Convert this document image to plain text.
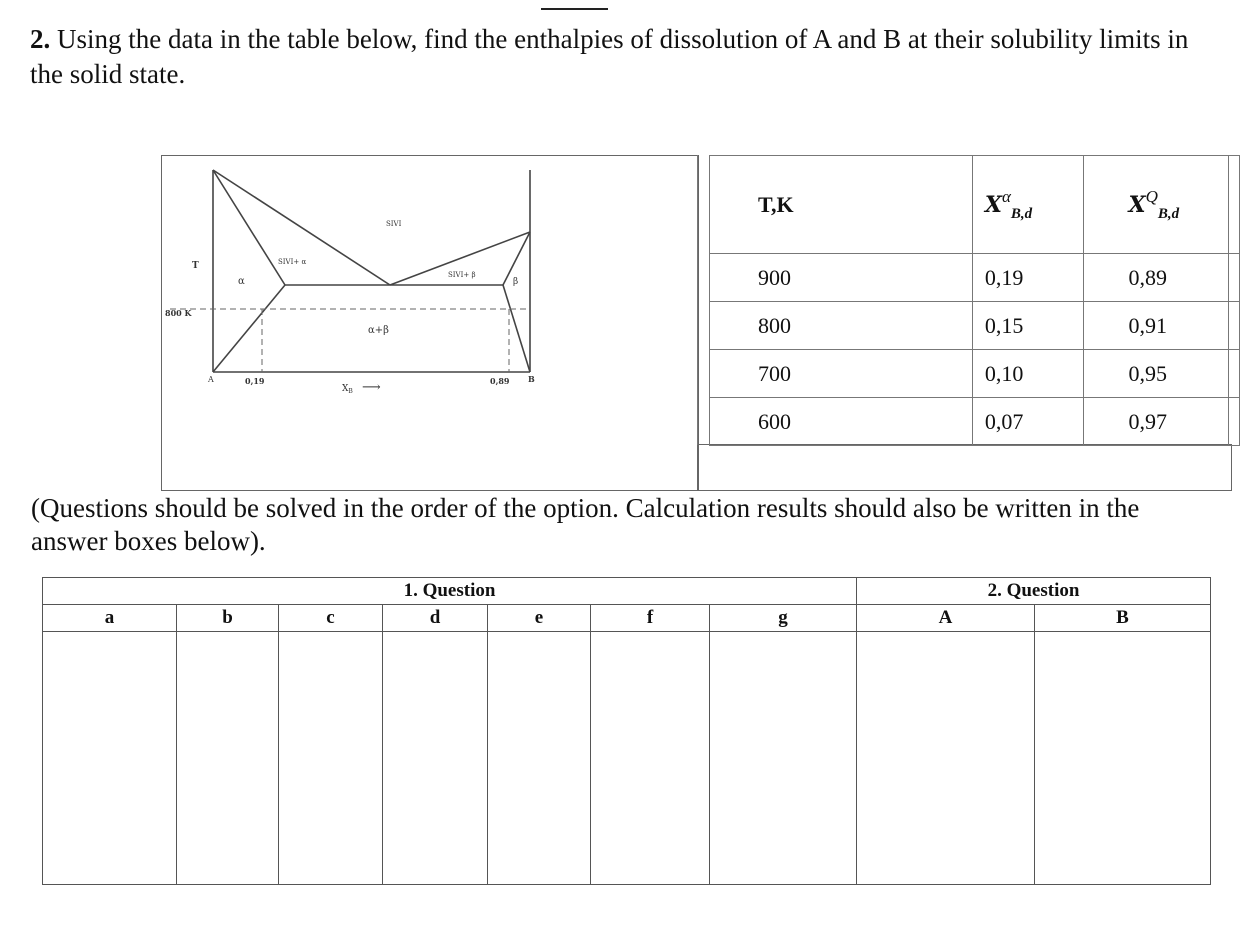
2. Using the data in the table below, find the enthalpies of dissolution of A and B at their solubility limits in the solid state.
T
800 K
α	β
SIVI
SIVI+ α
SIVI+ β
α+β
A	B
0,19	0,89
$X_B$ ⟶
T,K	$X^\alpha_{B,d}$	$X^Q_{B,d}$	
900	0,19	0,89	
800	0,15	0,91	
700	0,10	0,95	
600	0,07	0,97	
(Questions should be solved in the order of the option. Calculation results should also be written in the answer boxes below).
1. Question							2. Question	
a	b	c	d	e	f	g	A	B
